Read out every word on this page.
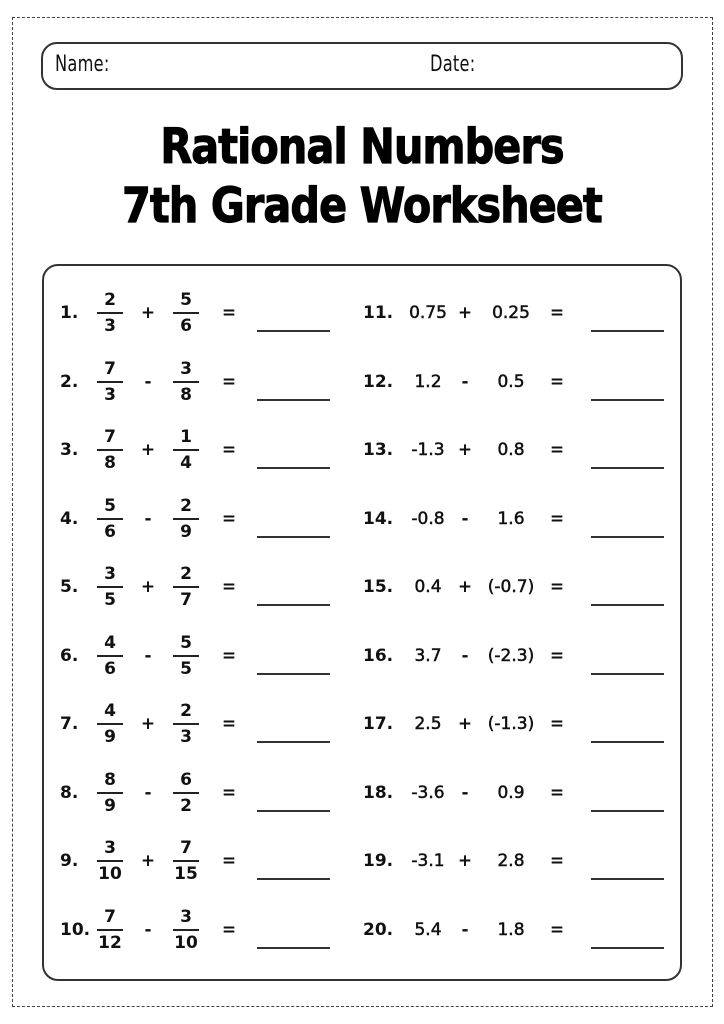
Name:	Date:
Rational Numbers
7th Grade Worksheet
1.
2
3
+
5
6
=
2.
7
3
-
3
8
=
3.
7
8
+
1
4
=
4.
5
6
-
2
9
=
5.
3
5
+
2
7
=
6.
4
6
-
5
5
=
7.
4
9
+
2
3
=
8.
8
9
-
6
2
=
9.
3
10
+
7
15
=
10.
7
12
-
3
10
=
11. 0.75 + 0.25 =
12. 1.2 - 0.5 =
13. -1.3 + 0.8 =
14. -0.8 - 1.6 =
15. 0.4 + (-0.7) =
16. 3.7 - (-2.3) =
17. 2.5 + (-1.3) =
18. -3.6 - 0.9 =
19. -3.1 + 2.8 =
20. 5.4 - 1.8 =
